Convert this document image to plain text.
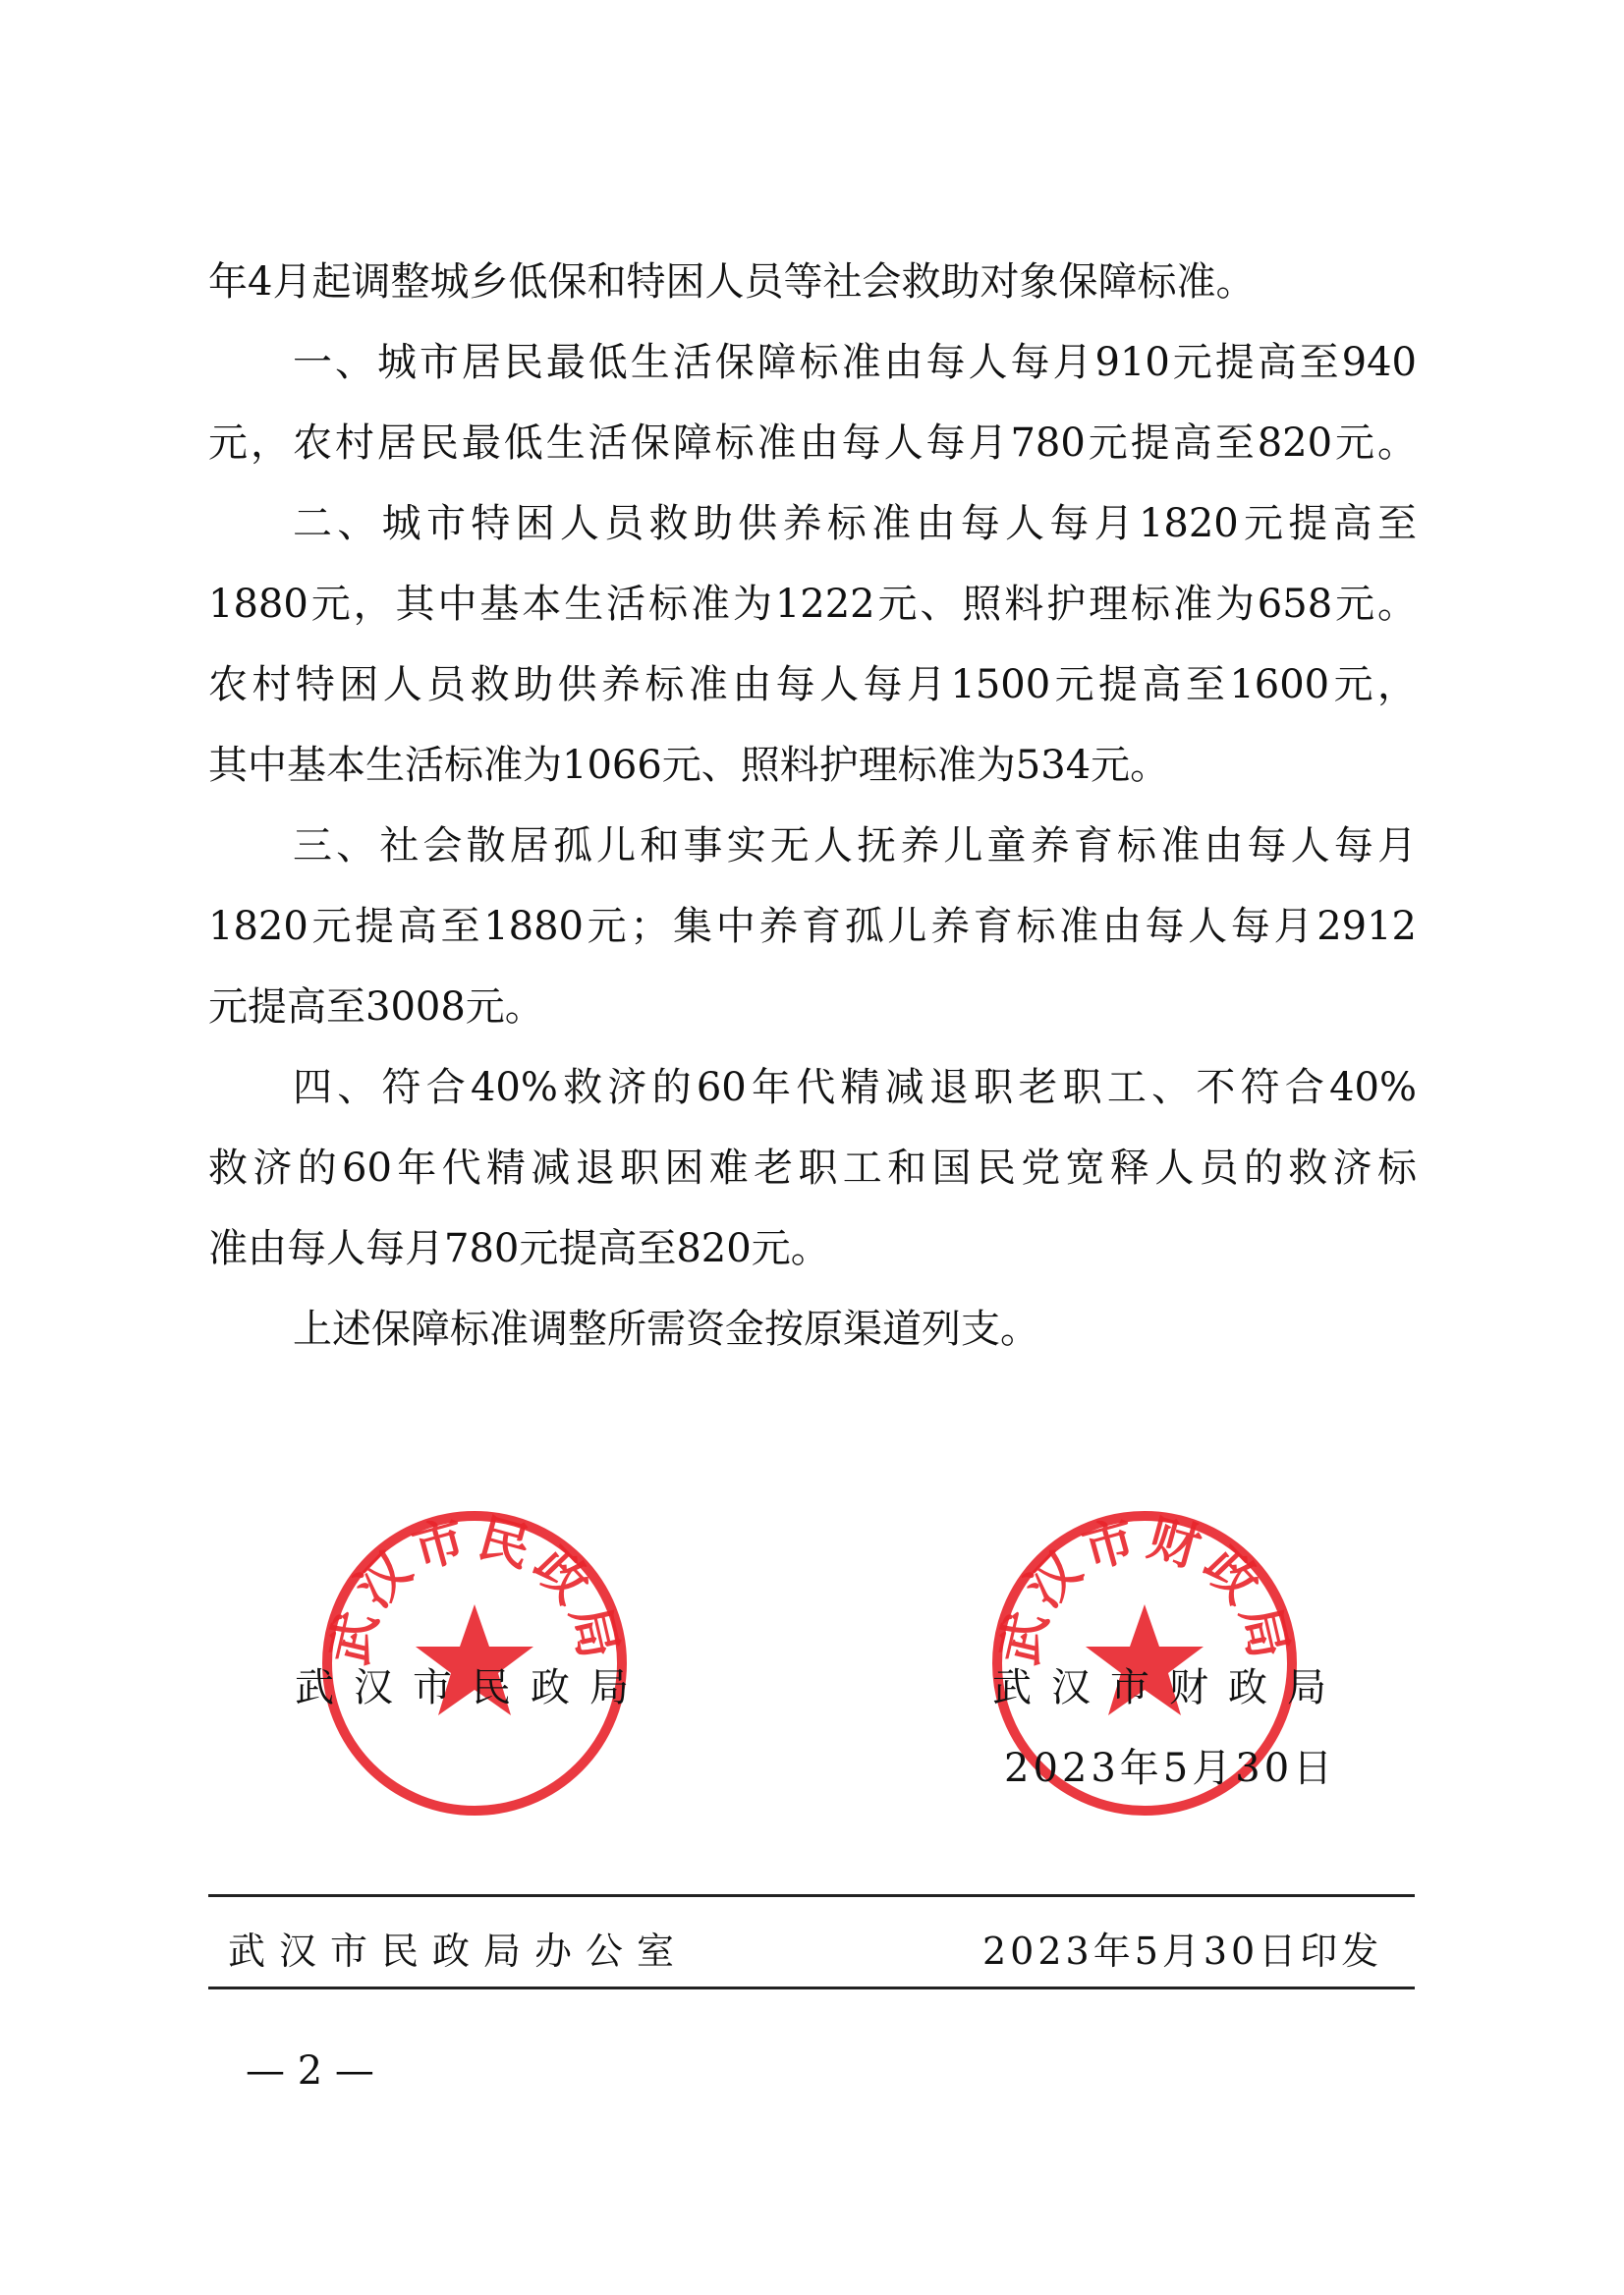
年4月起调整城乡低保和特困人员等社会救助对象保障标准。
一、城市居民最低生活保障标准由每人每月910元提高至940
元，农村居民最低生活保障标准由每人每月780元提高至820元。
二、城市特困人员救助供养标准由每人每月1820元提高至
1880元，其中基本生活标准为1222元、照料护理标准为658元。
农村特困人员救助供养标准由每人每月1500元提高至1600元，
其中基本生活标准为1066元、照料护理标准为534元。
三、社会散居孤儿和事实无人抚养儿童养育标准由每人每月
1820元提高至1880元；集中养育孤儿养育标准由每人每月2912
元提高至3008元。
四、符合40%救济的60年代精减退职老职工、不符合40%
救济的60年代精减退职困难老职工和国民党宽释人员的救济标
准由每人每月780元提高至820元。
上述保障标准调整所需资金按原渠道列支。
武汉市民政局	武汉市财政局
武汉市民政局	武汉市财政局
2023年5月30日
武汉市民政局办公室	2023年5月30日印发
— 2 —
